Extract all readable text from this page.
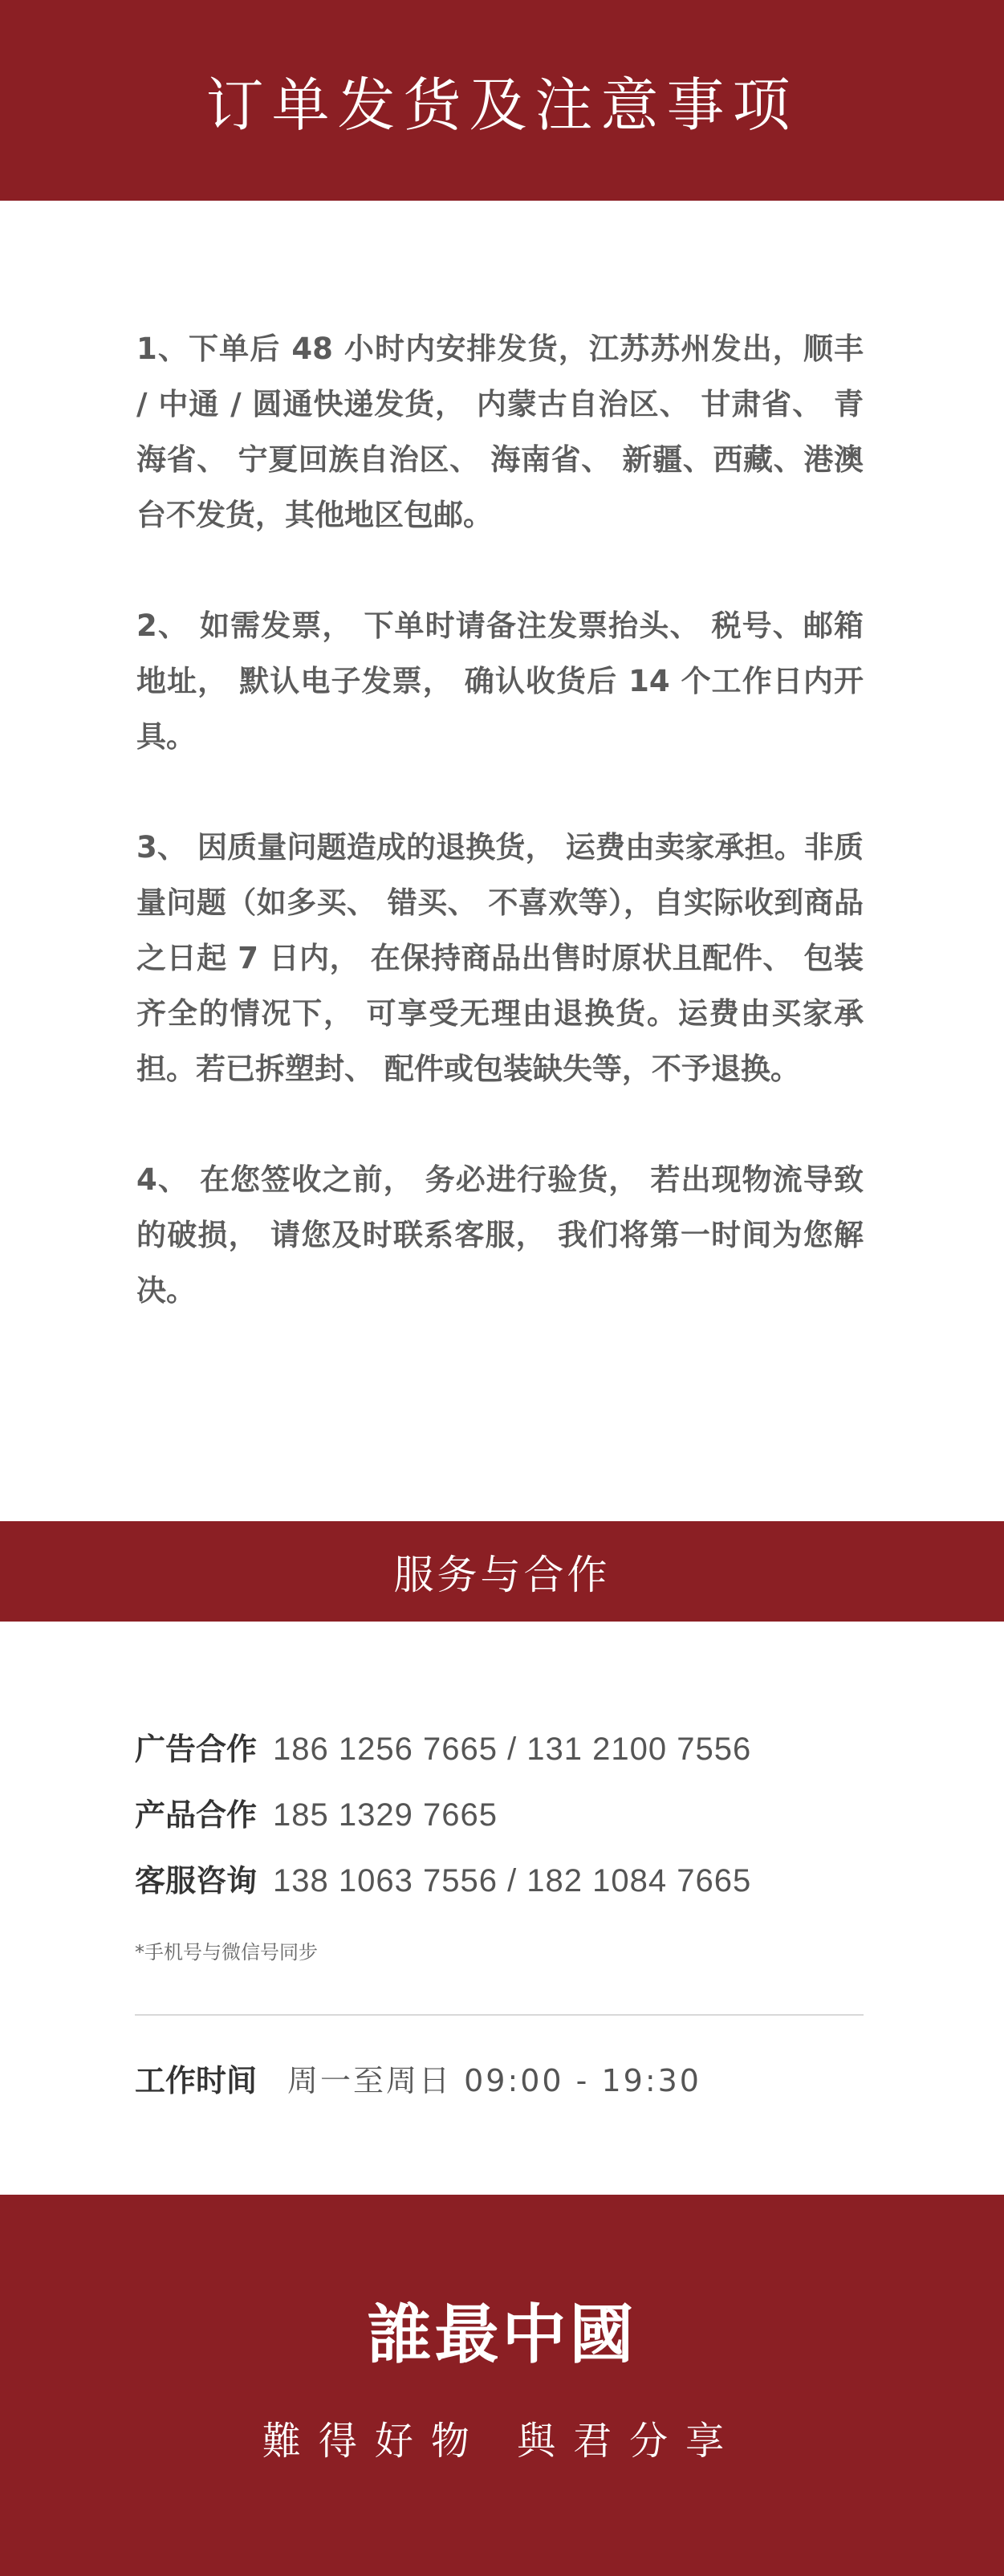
订单发货及注意事项

1、下单后 48 小时内安排发货，江苏苏州发出，顺丰 / 中通 / 圆通快递发货， 内蒙古自治区、 甘肃省、 青海省、 宁夏回族自治区、 海南省、 新疆、西藏、港澳台不发货，其他地区包邮。

2、 如需发票， 下单时请备注发票抬头、 税号、邮箱地址， 默认电子发票， 确认收货后 14 个工作日内开具。

3、 因质量问题造成的退换货， 运费由卖家承担。非质量问题（如多买、 错买、 不喜欢等），自实际收到商品之日起 7 日内， 在保持商品出售时原状且配件、 包装齐全的情况下， 可享受无理由退换货。运费由买家承担。若已拆塑封、 配件或包装缺失等，不予退换。

4、 在您签收之前， 务必进行验货， 若出现物流导致的破损， 请您及时联系客服， 我们将第一时间为您解决。

服务与合作
广告合作 186 1256 7665 / 131 2100 7556
产品合作 185 1329 7665
客服咨询 138 1063 7556 / 182 1084 7665
*手机号与微信号同步
工作时间 周一至周日 09:00 - 19:30
誰最中國
難得好物 與君分享
